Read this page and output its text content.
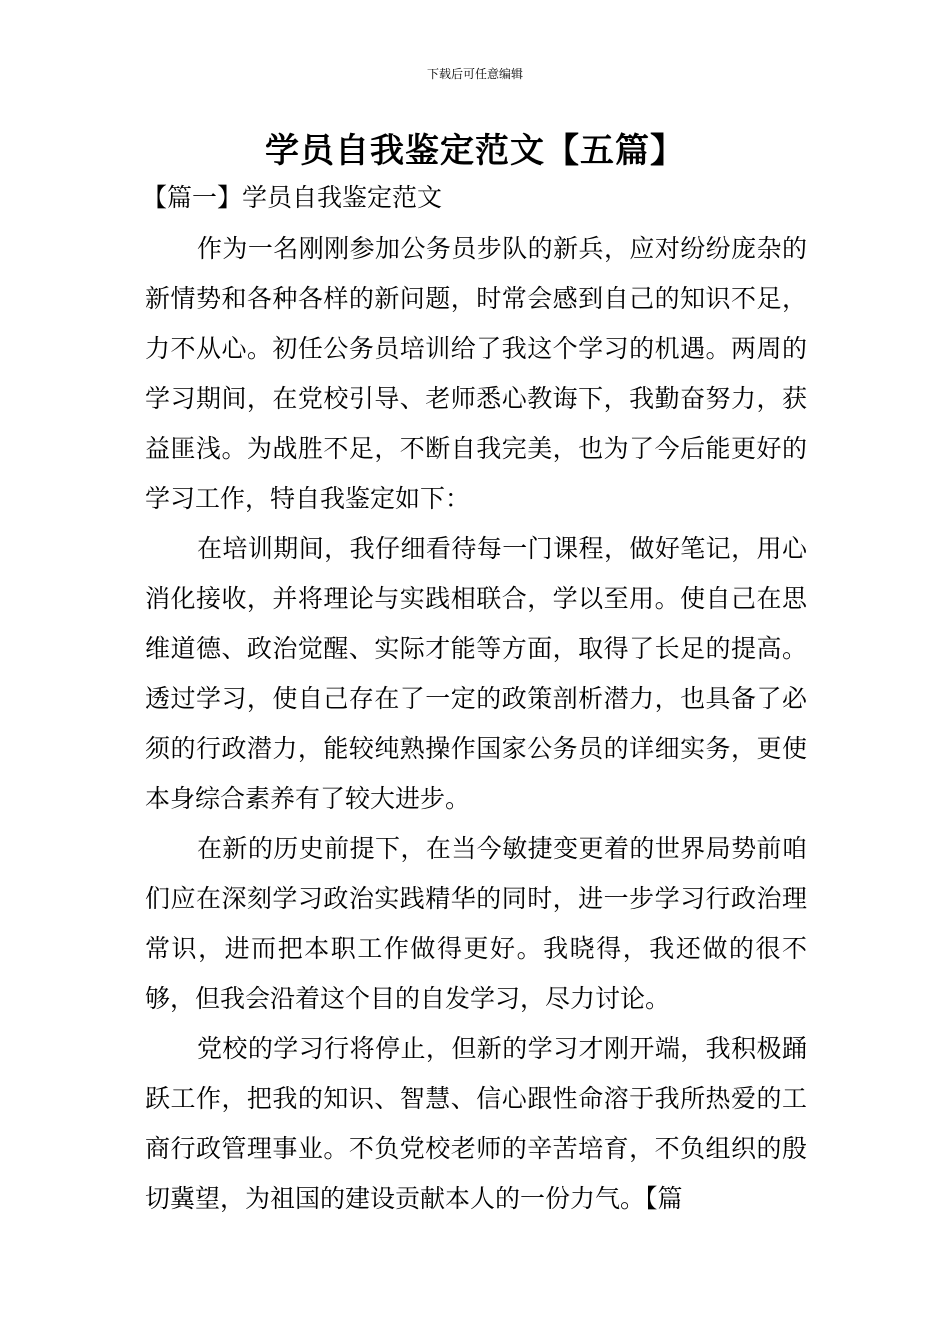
下载后可任意编辑
学员自我鉴定范文【五篇】
【篇一】学员自我鉴定范文

作为一名刚刚参加公务员步队的新兵，应对纷纷庞杂的新情势和各种各样的新问题，时常会感到自己的知识不足，力不从心。初任公务员培训给了我这个学习的机遇。两周的学习期间，在党校引导、老师悉心教诲下，我勤奋努力，获益匪浅。为战胜不足，不断自我完美，也为了今后能更好的学习工作，特自我鉴定如下：

在培训期间，我仔细看待每一门课程，做好笔记，用心消化接收，并将理论与实践相联合，学以至用。使自己在思维道德、政治觉醒、实际才能等方面，取得了长足的提高。透过学习，使自己存在了一定的政策剖析潜力，也具备了必须的行政潜力，能较纯熟操作国家公务员的详细实务，更使本身综合素养有了较大进步。

在新的历史前提下，在当今敏捷变更着的世界局势前咱们应在深刻学习政治实践精华的同时，进一步学习行政治理常识，进而把本职工作做得更好。我晓得，我还做的很不够，但我会沿着这个目的自发学习，尽力讨论。

党校的学习行将停止，但新的学习才刚开端，我积极踊跃工作，把我的知识、智慧、信心跟性命溶于我所热爱的工商行政管理事业。不负党校老师的辛苦培育，不负组织的殷切冀望，为祖国的建设贡献本人的一份力气。【篇
